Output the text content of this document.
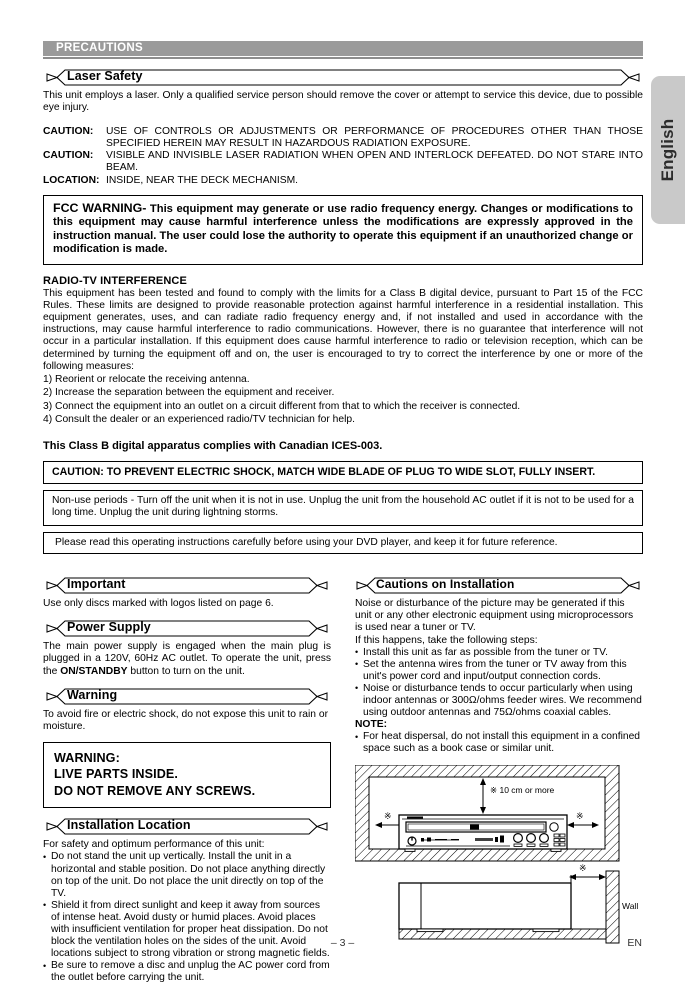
English
PRECAUTIONS
Laser Safety

This unit employs a laser. Only a qualified service person should remove the cover or attempt to service this device, due to possible eye injury.

CAUTION:	USE OF CONTROLS OR ADJUSTMENTS OR PERFORMANCE OF PROCEDURES OTHER THAN THOSE SPECIFIED HEREIN MAY RESULT IN HAZARDOUS RADIATION EXPOSURE.
CAUTION:	VISIBLE AND INVISIBLE LASER RADIATION WHEN OPEN AND INTERLOCK DEFEATED. DO NOT STARE INTO BEAM.
LOCATION: INSIDE, NEAR THE DECK MECHANISM.

FCC WARNING- This equipment may generate or use radio frequency energy. Changes or modifications to this equipment may cause harmful interference unless the modifications are expressly approved in the instruction manual. The user could lose the authority to operate this equipment if an unauthorized change or modification is made.

RADIO-TV INTERFERENCE

This equipment has been tested and found to comply with the limits for a Class B digital device, pursuant to Part 15 of the FCC Rules. These limits are designed to provide reasonable protection against harmful interference in a residential installation. This equipment generates, uses, and can radiate radio frequency energy and, if not installed and used in accordance with the instructions, may cause harmful interference to radio communications. However, there is no guarantee that interference will not occur in a particular installation. If this equipment does cause harmful interference to radio or television reception, which can be determined by turning the equipment off and on, the user is encouraged to try to correct the interference by one or more of the following measures:

1) Reorient or relocate the receiving antenna.
2) Increase the separation between the equipment and receiver.
3) Connect the equipment into an outlet on a circuit different from that to which the receiver is connected.
4) Consult the dealer or an experienced radio/TV technician for help.
This Class B digital apparatus complies with Canadian ICES-003.

CAUTION: TO PREVENT ELECTRIC SHOCK, MATCH WIDE BLADE OF PLUG TO WIDE SLOT, FULLY INSERT.

Non-use periods - Turn off the unit when it is not in use. Unplug the unit from the household AC outlet if it is not to be used for a long time. Unplug the unit during lightning storms.

Please read this operating instructions carefully before using your DVD player, and keep it for future reference.

Important

Use only discs marked with logos listed on page 6.

Power Supply

The main power supply is engaged when the main plug is plugged in a 120V, 60Hz AC outlet. To operate the unit, press the ON/STANDBY button to turn on the unit.

Warning

To avoid fire or electric shock, do not expose this unit to rain or moisture.

WARNING:
LIVE PARTS INSIDE.
DO NOT REMOVE ANY SCREWS.
Installation Location

For safety and optimum performance of this unit:

• Do not stand the unit up vertically. Install the unit in a horizontal and stable position. Do not place anything directly on top of the unit. Do not place the unit directly on top of the TV.
• Shield it from direct sunlight and keep it away from sources of intense heat. Avoid dusty or humid places. Avoid places with insufficient ventilation for proper heat dissipation. Do not block the ventilation holes on the sides of the unit. Avoid locations subject to strong vibration or strong magnetic fields.
• Be sure to remove a disc and unplug the AC power cord from the outlet before carrying the unit.
Cautions on Installation

Noise or disturbance of the picture may be generated if this unit or any other electronic equipment using microprocessors is used near a tuner or TV.

If this happens, take the following steps:

• Install this unit as far as possible from the tuner or TV.
• Set the antenna wires from the tuner or TV away from this unit's power cord and input/output connection cords.
• Noise or disturbance tends to occur particularly when using indoor antennas or 300Ω/ohms feeder wires. We recommend using outdoor antennas and 75Ω/ohms coaxial cables.
NOTE:
• For heat dispersal, do not install this equipment in a confined space such as a book case or similar unit.
※ 10 cm or more
※	※
※
Wall
– 3 –	EN
